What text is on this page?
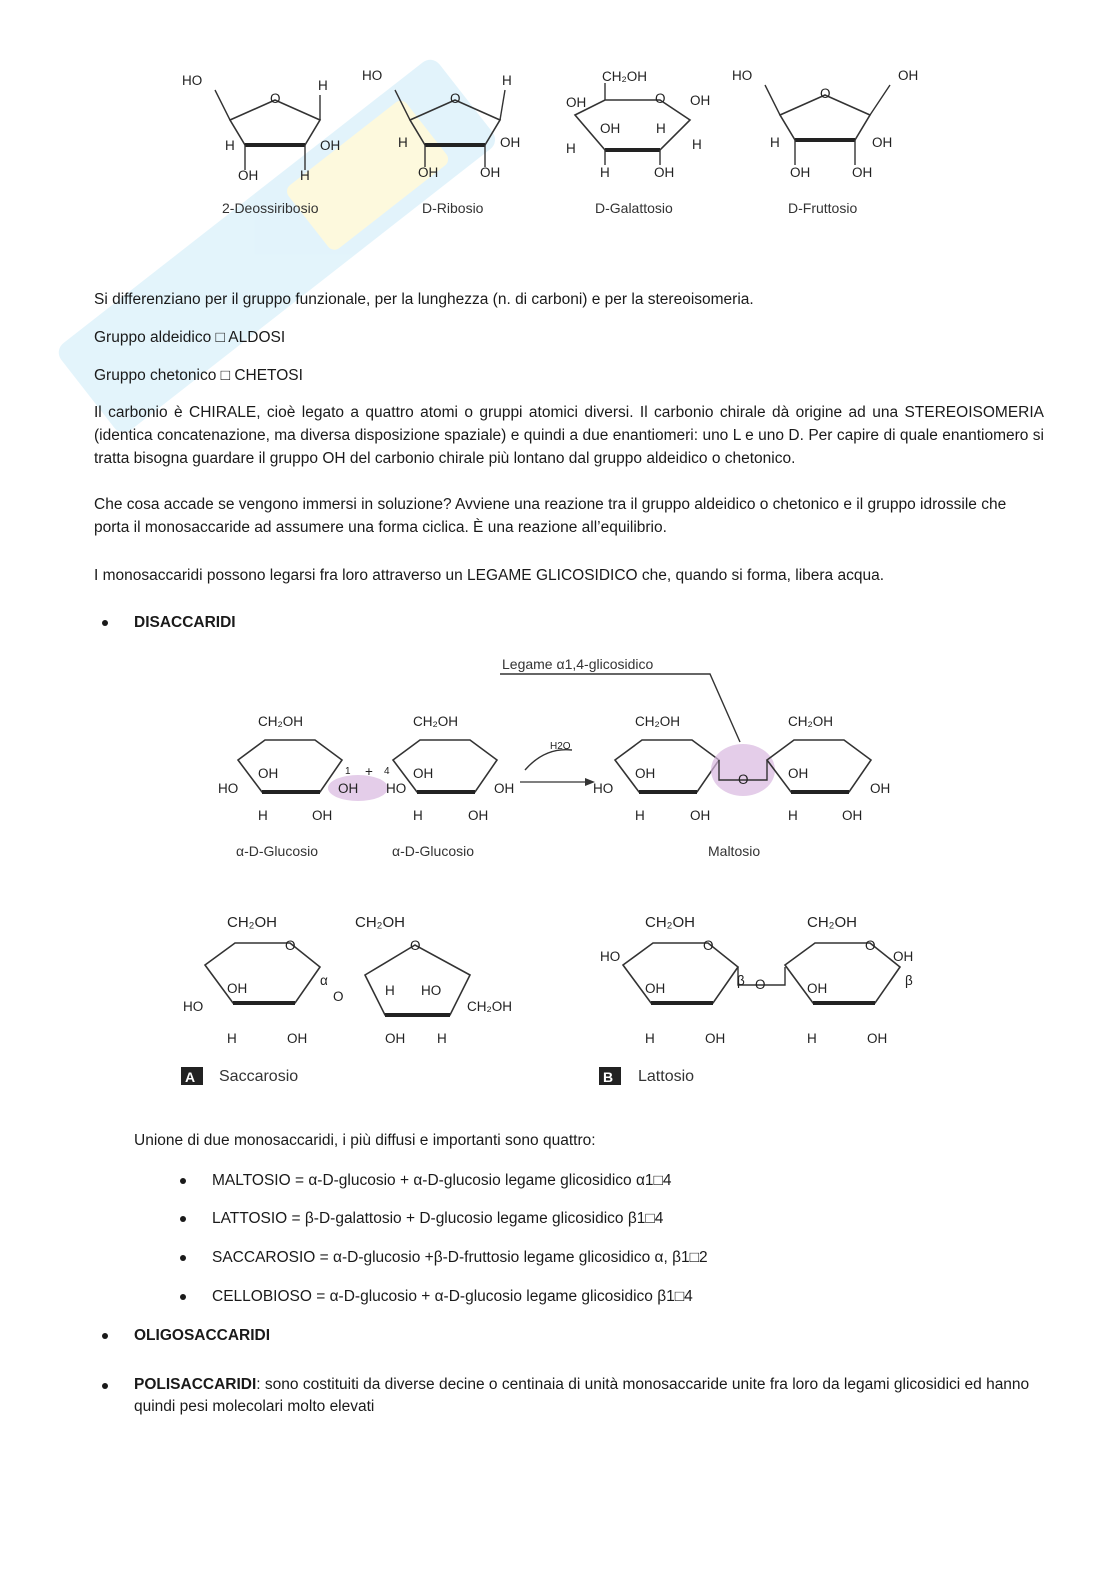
O
HO	H
OH	H
H	OH
2-Deossiribosio
O
HO	H
OH	OH
H	OH
D-Ribosio
O
CH₂OH
OH	OH
H	H
OH	H
H	OH
D-Galattosio
O
HO	OH
H	OH
OH	OH
D-Fruttosio
Si differenziano per il gruppo funzionale, per la lunghezza (n. di carboni) e per la stereoisomeria.
Gruppo aldeidico □ ALDOSI
Gruppo chetonico □ CHETOSI
Il carbonio è CHIRALE, cioè legato a quattro atomi o gruppi atomici diversi. Il carbonio chirale dà origine ad una STEREOISOMERIA (identica concatenazione, ma diversa disposizione spaziale) e quindi a due enantiomeri: uno L e uno D. Per capire di quale enantiomero si tratta bisogna guardare il gruppo OH del carbonio chirale più lontano dal gruppo aldeidico o chetonico.
Che cosa accade se vengono immersi in soluzione? Avviene una reazione tra il gruppo aldeidico o chetonico e il gruppo idrossile che porta il monosaccaride ad assumere una forma ciclica. È una reazione all’equilibrio.
I monosaccaridi possono legarsi fra loro attraverso un LEGAME GLICOSIDICO che, quando si forma, libera acqua.
DISACCARIDI
Legame α1,4-glicosidico
CH₂OH
HO
OH
H	OH
OH
1 +
CH₂OH
HO
4 OH
OH
H	OH
H2O
CH₂OH
HO
OH
H	OH
O
CH₂OH
OH
OH
H	OH
α-D-Glucosio	α-D-Glucosio	Maltosio
CH₂OH
O
HO
OH
H	OH
α
O
CH₂OH
O
H HO
CH₂OH
OH H
A Saccarosio
CH₂OH
O
HO
OH
H	OH
β O
CH₂OH
O
OH
β
OH
H	OH
B Lattosio
Unione di due monosaccaridi, i più diffusi e importanti sono quattro:
MALTOSIO = α-D-glucosio + α-D-glucosio legame glicosidico α1□4
LATTOSIO = β-D-galattosio + D-glucosio legame glicosidico β1□4
SACCAROSIO = α-D-glucosio +β-D-fruttosio legame glicosidico α, β1□2
CELLOBIOSO = α-D-glucosio + α-D-glucosio legame glicosidico β1□4
OLIGOSACCARIDI
POLISACCARIDI: sono costituiti da diverse decine o centinaia di unità monosaccaride unite fra loro da legami glicosidici ed hanno quindi pesi molecolari molto elevati
